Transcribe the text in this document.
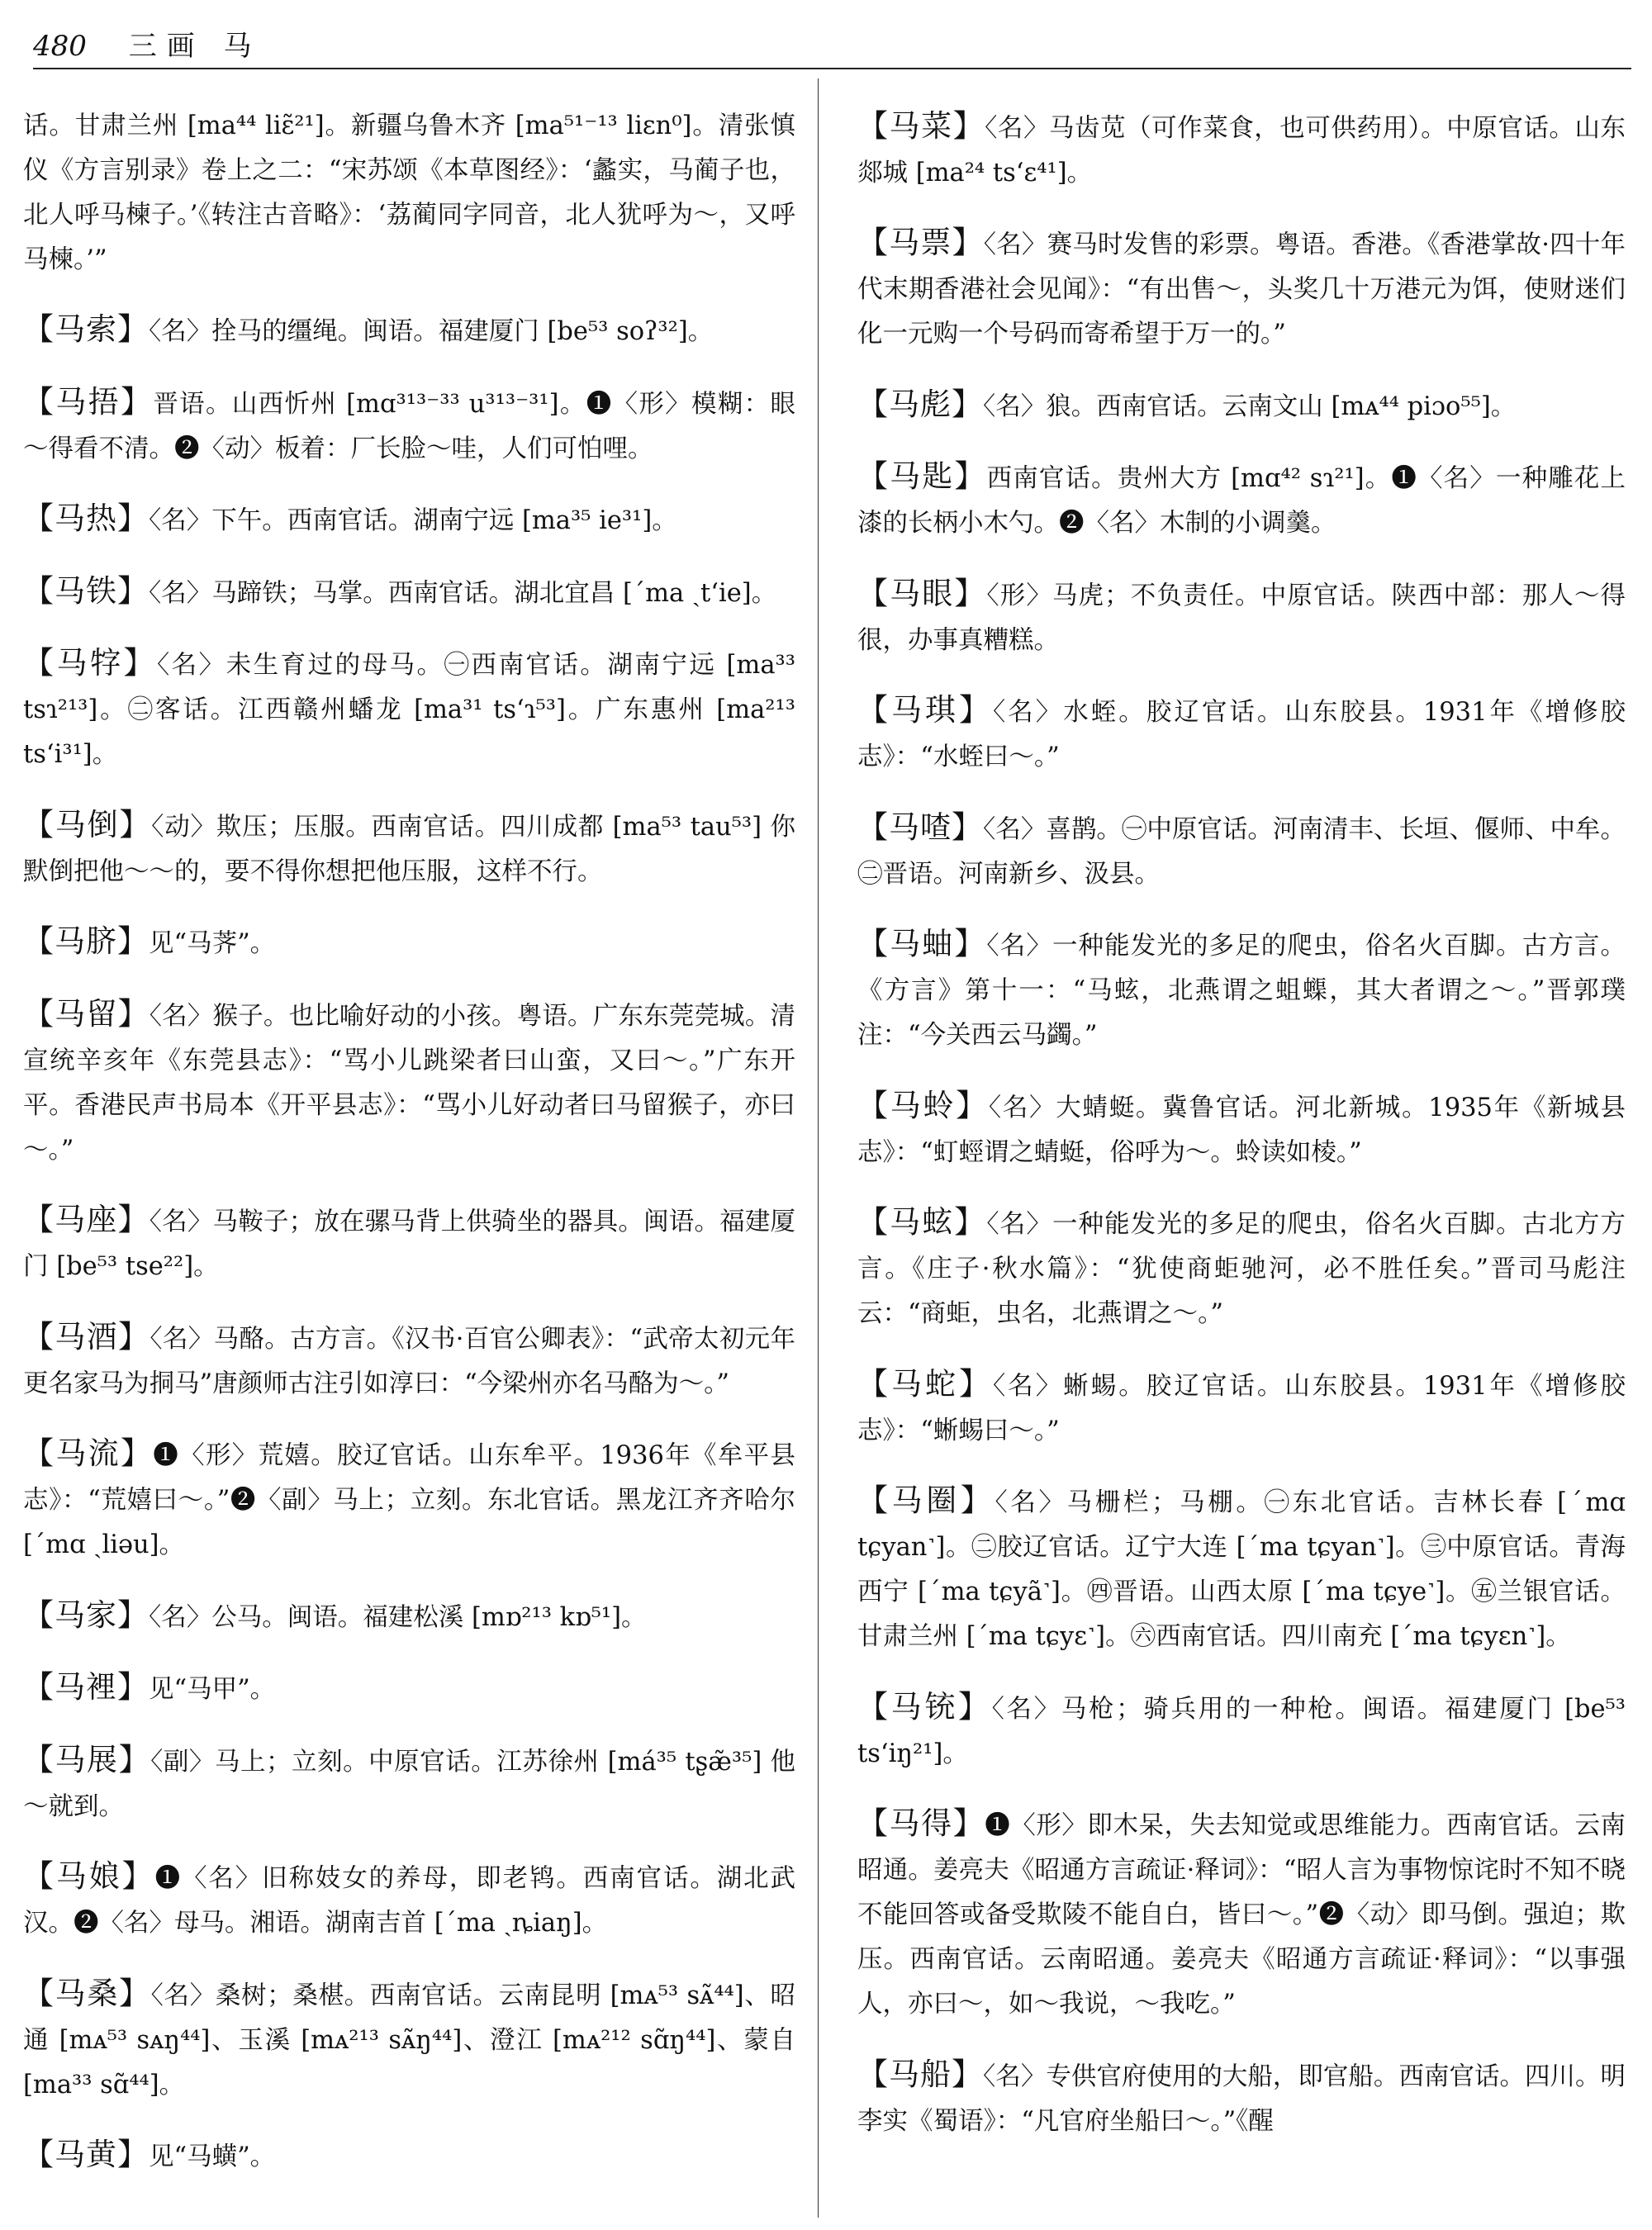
480 三画 马

话。甘肃兰州 [ma⁴⁴ liɛ̃²¹]。新疆乌鲁木齐 [ma⁵¹⁻¹³ liɛn⁰]。清张慎仪《方言别录》卷上之二：“宋苏颂《本草图经》：‘蠡实，马蔺子也，北人呼马楝子。’《转注古音略》：‘荔蔺同字同音，北人犹呼为～，又呼马楝。’”

【马索】〈名〉拴马的缰绳。闽语。福建厦门 [be⁵³ soʔ³²]。

【马捂】晋语。山西忻州 [mɑ³¹³⁻³³ u³¹³⁻³¹]。❶〈形〉模糊：眼～得看不清。❷〈动〉板着：厂长脸～哇，人们可怕哩。

【马热】〈名〉下午。西南官话。湖南宁远 [ma³⁵ ie³¹]。

【马铁】〈名〉马蹄铁；马掌。西南官话。湖北宜昌 [ˊma ˏtʻie]。

【马牸】〈名〉未生育过的母马。㊀西南官话。湖南宁远 [ma³³ tsɿ²¹³]。㊁客话。江西赣州蟠龙 [ma³¹ tsʻɿ⁵³]。广东惠州 [ma²¹³ tsʻi³¹]。

【马倒】〈动〉欺压；压服。西南官话。四川成都 [ma⁵³ tau⁵³] 你默倒把他～～的，要不得你想把他压服，这样不行。

【马脐】见“马荠”。

【马留】〈名〉猴子。也比喻好动的小孩。粤语。广东东莞莞城。清宣统辛亥年《东莞县志》：“骂小儿跳梁者曰山蛮，又曰～。”广东开平。香港民声书局本《开平县志》：“骂小儿好动者曰马留猴子，亦曰～。”

【马座】〈名〉马鞍子；放在骡马背上供骑坐的器具。闽语。福建厦门 [be⁵³ tse²²]。

【马酒】〈名〉马酪。古方言。《汉书·百官公卿表》：“武帝太初元年更名家马为挏马”唐颜师古注引如淳曰：“今梁州亦名马酪为～。”

【马流】❶〈形〉荒嬉。胶辽官话。山东牟平。1936年《牟平县志》：“荒嬉曰～。”❷〈副〉马上；立刻。东北官话。黑龙江齐齐哈尔 [ˊmɑ ˏliəu]。

【马家】〈名〉公马。闽语。福建松溪 [mɒ²¹³ kɒ⁵¹]。

【马裡】见“马甲”。

【马展】〈副〉马上；立刻。中原官话。江苏徐州 [má³⁵ tʂæ̃³⁵] 他～就到。

【马娘】❶〈名〉旧称妓女的养母，即老鸨。西南官话。湖北武汉。❷〈名〉母马。湘语。湖南吉首 [ˊma ˏȵiaŋ]。

【马桑】〈名〉桑树；桑椹。西南官话。云南昆明 [mᴀ⁵³ sᴀ̃⁴⁴]、昭通 [mᴀ⁵³ sᴀŋ⁴⁴]、玉溪 [mᴀ²¹³ sᴀ̃ŋ⁴⁴]、澄江 [mᴀ²¹² sɑ̃ŋ⁴⁴]、蒙自 [ma³³ sɑ̃⁴⁴]。

【马黄】见“马蟥”。

【马菜】〈名〉马齿苋（可作菜食，也可供药用）。中原官话。山东郯城 [ma²⁴ tsʻɛ⁴¹]。

【马票】〈名〉赛马时发售的彩票。粤语。香港。《香港掌故·四十年代末期香港社会见闻》：“有出售～，头奖几十万港元为饵，使财迷们化一元购一个号码而寄希望于万一的。”

【马彪】〈名〉狼。西南官话。云南文山 [mᴀ⁴⁴ piɔo⁵⁵]。

【马匙】西南官话。贵州大方 [mɑ⁴² sɿ²¹]。❶〈名〉一种雕花上漆的长柄小木勺。❷〈名〉木制的小调羹。

【马眼】〈形〉马虎；不负责任。中原官话。陕西中部：那人～得很，办事真糟糕。

【马琪】〈名〉水蛭。胶辽官话。山东胶县。1931年《增修胶志》：“水蛭曰～。”

【马喳】〈名〉喜鹊。㊀中原官话。河南清丰、长垣、偃师、中牟。㊁晋语。河南新乡、汲县。

【马蚰】〈名〉一种能发光的多足的爬虫，俗名火百脚。古方言。《方言》第十一：“马蚿，北燕谓之蛆蟝，其大者谓之～。”晋郭璞注：“今关西云马蠲。”

【马蛉】〈名〉大蜻蜓。冀鲁官话。河北新城。1935年《新城县志》：“虰蛵谓之蜻蜓，俗呼为～。蛉读如棱。”

【马蚿】〈名〉一种能发光的多足的爬虫，俗名火百脚。古北方方言。《庄子·秋水篇》：“犹使商蚷驰河，必不胜任矣。”晋司马彪注云：“商蚷，虫名，北燕谓之～。”

【马蛇】〈名〉蜥蜴。胶辽官话。山东胶县。1931年《增修胶志》：“蜥蜴曰～。”

【马圈】〈名〉马栅栏；马棚。㊀东北官话。吉林长春 [ˊmɑ tɕyan˺]。㊁胶辽官话。辽宁大连 [ˊma tɕyan˺]。㊂中原官话。青海西宁 [ˊma tɕyã˺]。㊃晋语。山西太原 [ˊma tɕye˺]。㊄兰银官话。甘肃兰州 [ˊma tɕyɛ˺]。㊅西南官话。四川南充 [ˊma tɕyɛn˺]。

【马铳】〈名〉马枪；骑兵用的一种枪。闽语。福建厦门 [be⁵³ tsʻiŋ²¹]。

【马得】❶〈形〉即木呆，失去知觉或思维能力。西南官话。云南昭通。姜亮夫《昭通方言疏证·释词》：“昭人言为事物惊诧时不知不晓不能回答或备受欺陵不能自白，皆曰～。”❷〈动〉即马倒。强迫；欺压。西南官话。云南昭通。姜亮夫《昭通方言疏证·释词》：“以事强人，亦曰～，如～我说，～我吃。”

【马船】〈名〉专供官府使用的大船，即官船。西南官话。四川。明李实《蜀语》：“凡官府坐船曰～。”《醒
